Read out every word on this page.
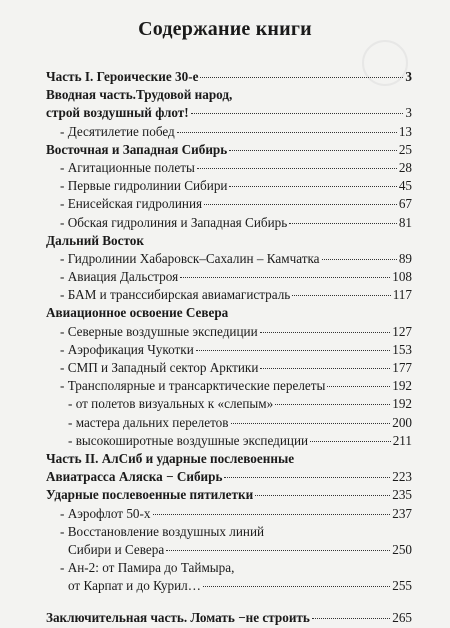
Содержание книги
Часть I. Героические 30-е	3
Вводная часть.Трудовой народ,
строй воздушный флот!	3
- Десятилетие побед	13
Восточная и Западная Сибирь	25
- Агитационные полеты	28
- Первые гидролинии Сибири	45
- Енисейская гидролиния	67
- Обская гидролиния и Западная Сибирь	81
Дальний Восток
- Гидролинии Хабаровск–Сахалин – Камчатка	89
- Авиация Дальстроя	108
- БАМ и транссибирская авиамагистраль	117
Авиационное освоение Севера
- Северные воздушные экспедиции	127
- Аэрофикация Чукотки	153
- СМП и Западный сектор Арктики	177
- Трансполярные и трансарктические перелеты	192
- от полетов визуальных к «слепым»	192
- мастера дальних перелетов	200
- высокоширотные воздушные экспедиции	211
Часть II. АлСиб и ударные послевоенные
Авиатрасса Аляска − Сибирь	223
Ударные послевоенные пятилетки	235
- Аэрофлот 50-х	237
- Восстановление воздушных линий
Сибири и Севера	250
- Ан-2: от Памира до Таймыра,
от Карпат и до Курил…	255
Заключительная часть. Ломать −не строить	265
